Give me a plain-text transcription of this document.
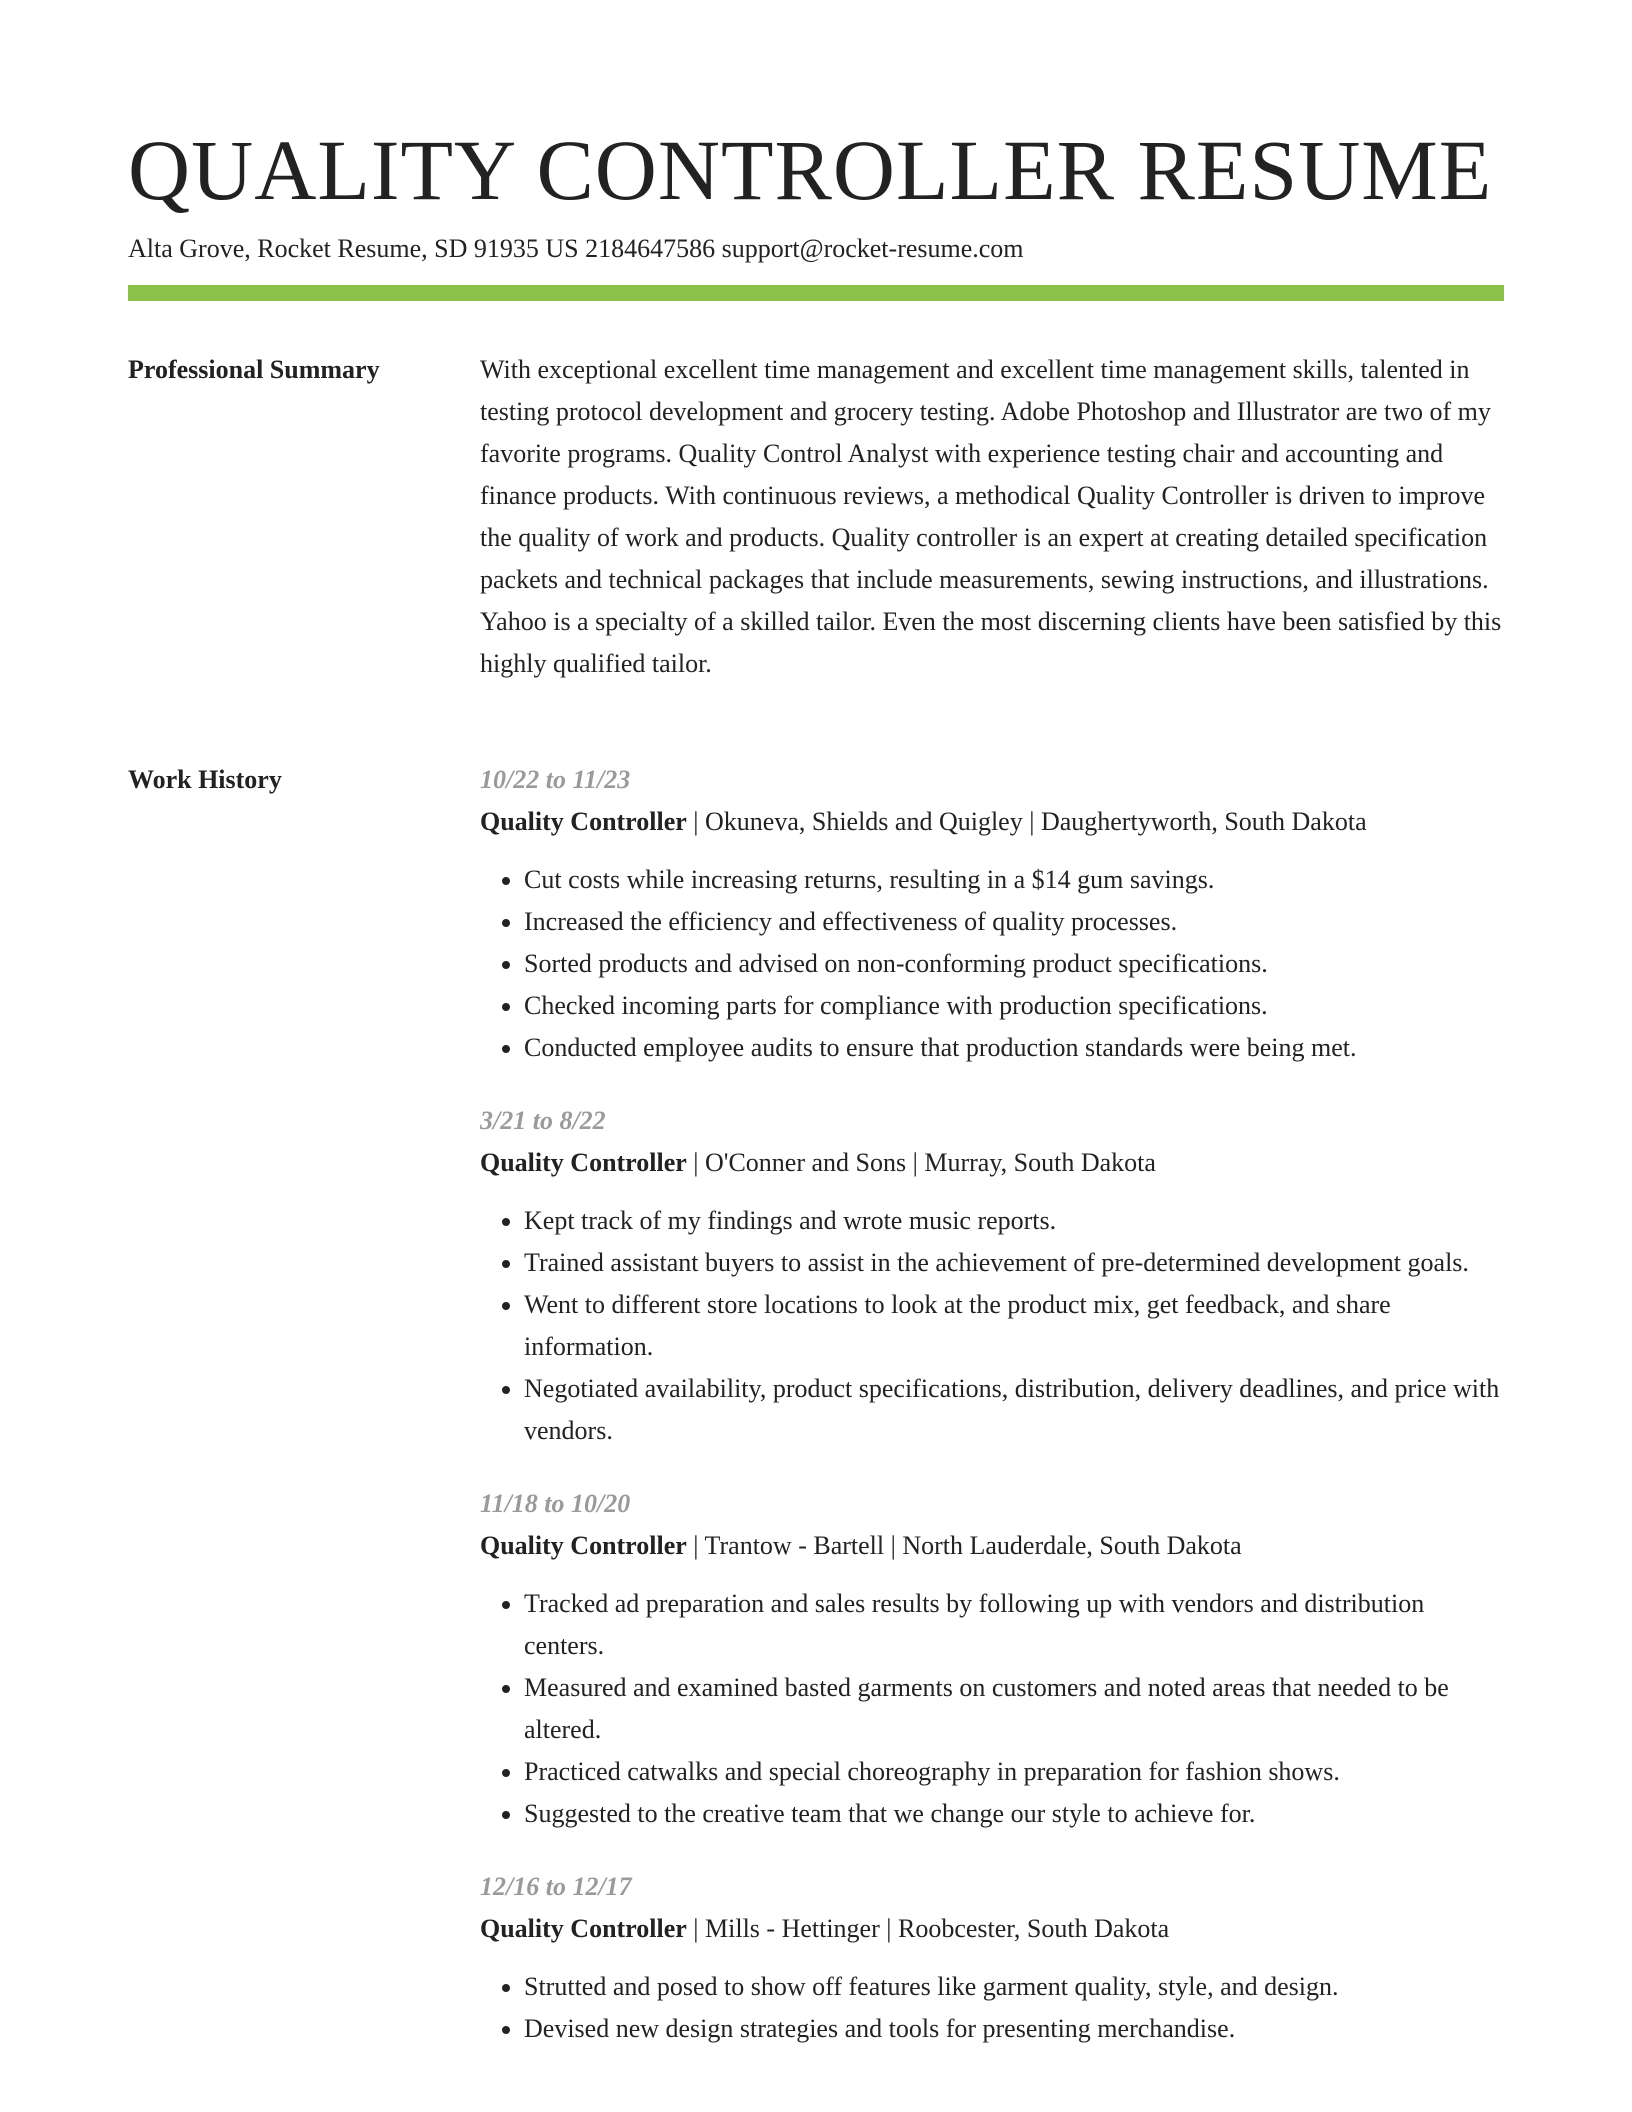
QUALITY CONTROLLER RESUME
Alta Grove, Rocket Resume, SD 91935 US 2184647586 support@rocket-resume.com
Professional Summary	With exceptional excellent time management and excellent time management skills, talented in testing protocol development and grocery testing. Adobe Photoshop and Illustrator are two of my favorite programs. Quality Control Analyst with experience testing chair and accounting and finance products. With continuous reviews, a methodical Quality Controller is driven to improve the quality of work and products. Quality controller is an expert at creating detailed specification packets and technical packages that include measurements, sewing instructions, and illustrations. Yahoo is a specialty of a skilled tailor. Even the most discerning clients have been satisfied by this highly qualified tailor.

Work History	10/22 to 11/23
Quality Controller | Okuneva, Shields and Quigley | Daughertyworth, South Dakota
• Cut costs while increasing returns, resulting in a $14 gum savings.
• Increased the efficiency and effectiveness of quality processes.
• Sorted products and advised on non-conforming product specifications.
• Checked incoming parts for compliance with production specifications.
• Conducted employee audits to ensure that production standards were being met.
3/21 to 8/22
Quality Controller | O'Conner and Sons | Murray, South Dakota
• Kept track of my findings and wrote music reports.
• Trained assistant buyers to assist in the achievement of pre-determined development goals.
• Went to different store locations to look at the product mix, get feedback, and share information.
• Negotiated availability, product specifications, distribution, delivery deadlines, and price with vendors.
11/18 to 10/20
Quality Controller | Trantow - Bartell | North Lauderdale, South Dakota
• Tracked ad preparation and sales results by following up with vendors and distribution centers.
• Measured and examined basted garments on customers and noted areas that needed to be altered.
• Practiced catwalks and special choreography in preparation for fashion shows.
• Suggested to the creative team that we change our style to achieve for.
12/16 to 12/17
Quality Controller | Mills - Hettinger | Roobcester, South Dakota
• Strutted and posed to show off features like garment quality, style, and design.
• Devised new design strategies and tools for presenting merchandise.
